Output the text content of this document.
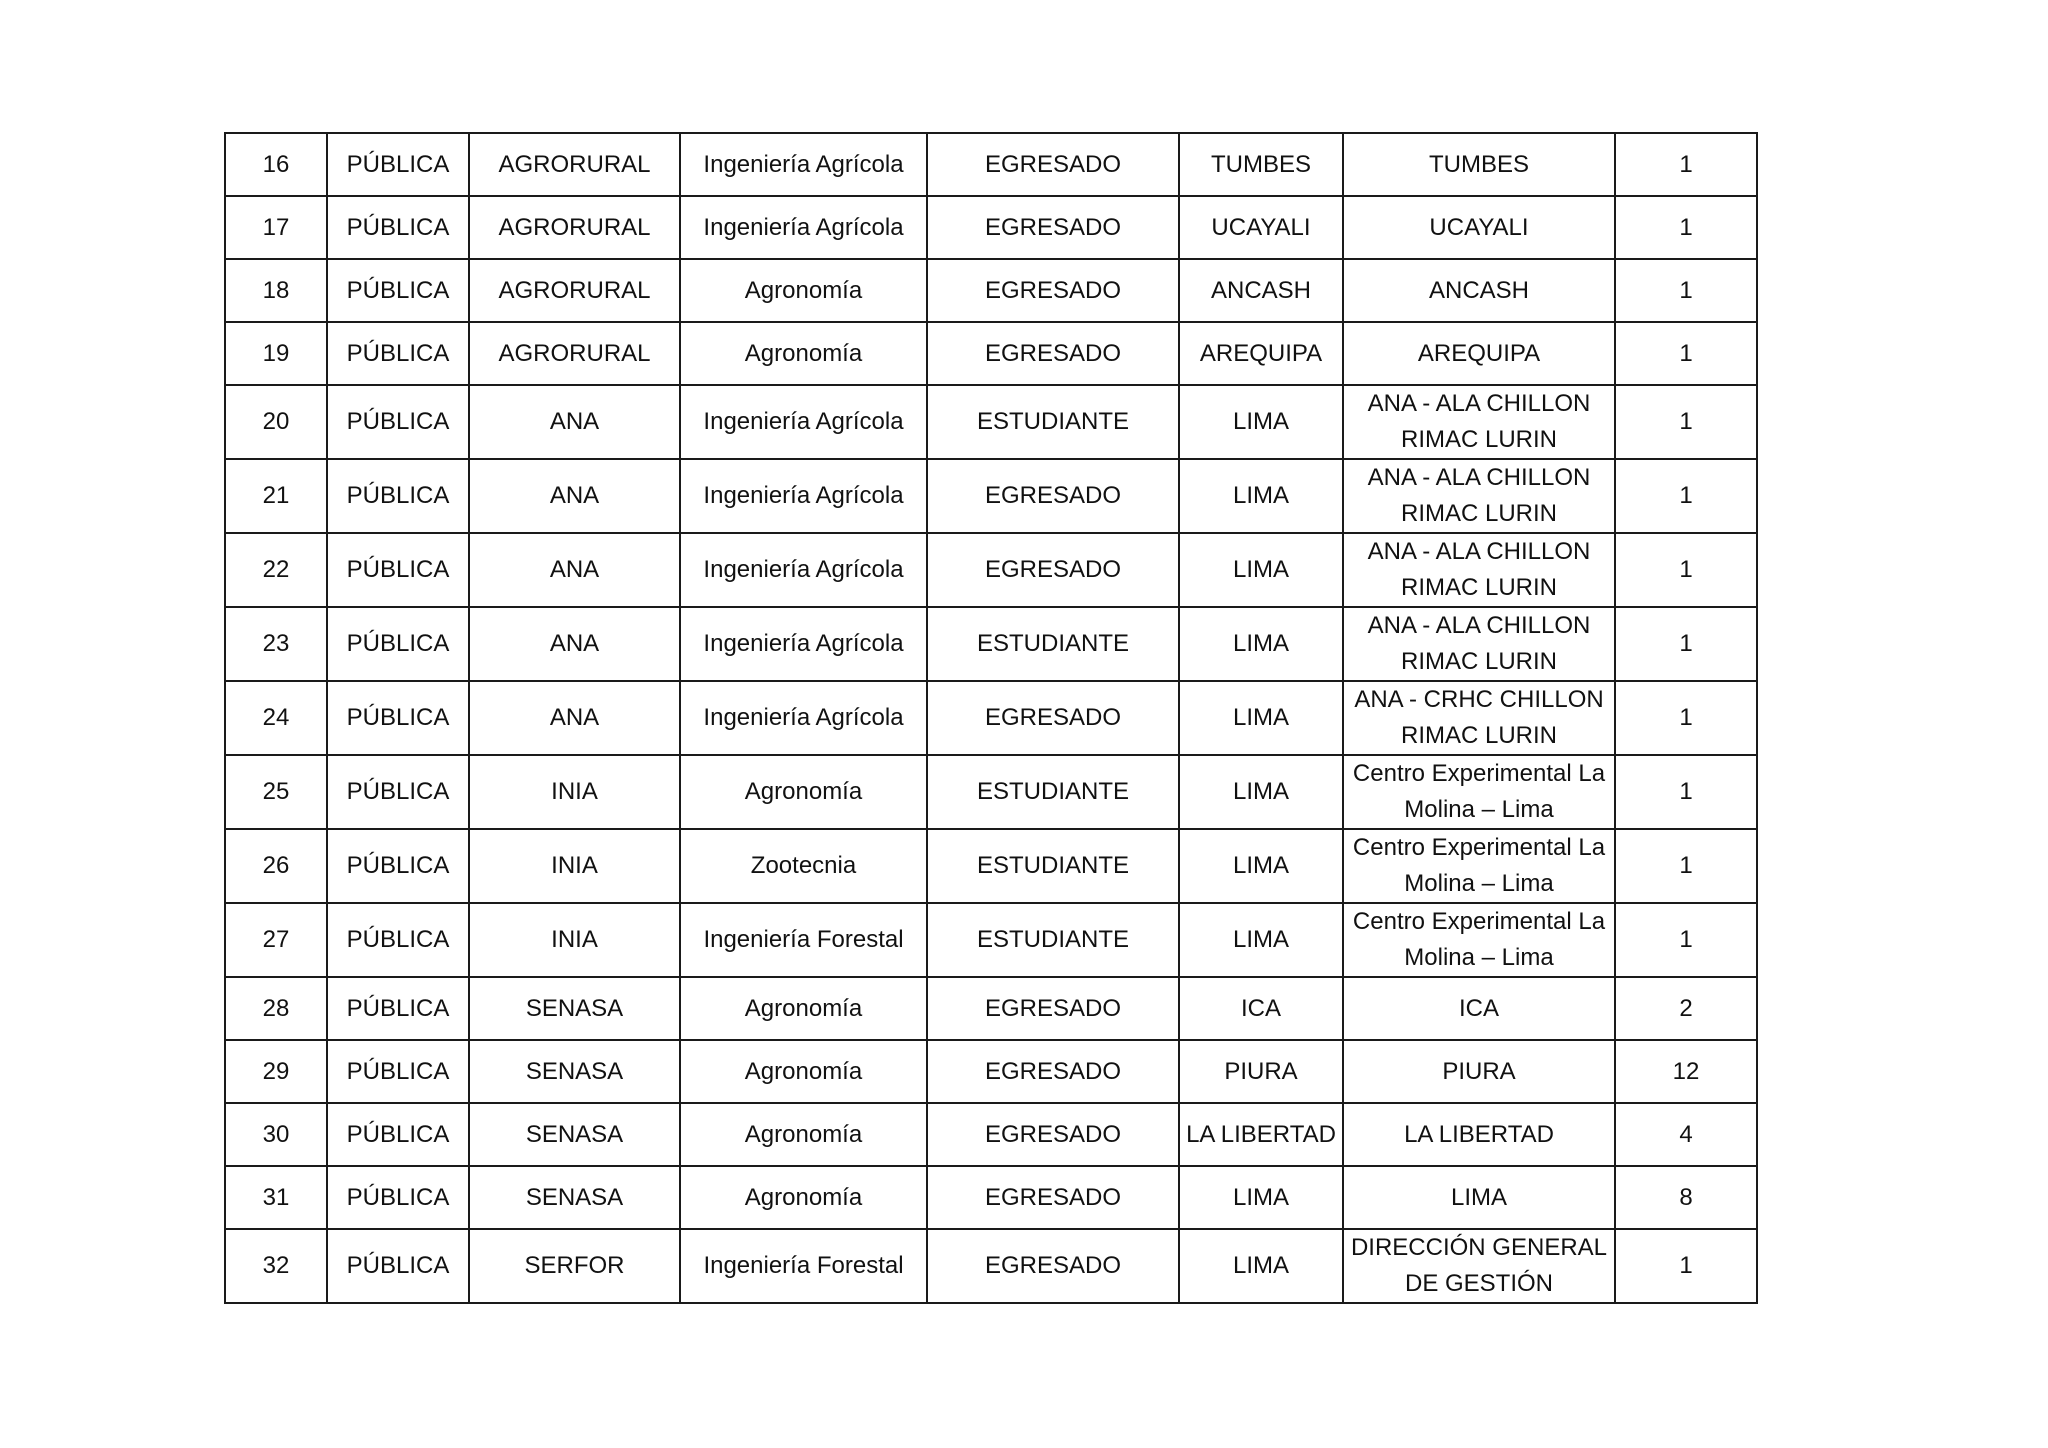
16	PÚBLICA	AGRORURAL	Ingeniería Agrícola	EGRESADO	TUMBES	TUMBES	1
17	PÚBLICA	AGRORURAL	Ingeniería Agrícola	EGRESADO	UCAYALI	UCAYALI	1
18	PÚBLICA	AGRORURAL	Agronomía	EGRESADO	ANCASH	ANCASH	1
19	PÚBLICA	AGRORURAL	Agronomía	EGRESADO	AREQUIPA	AREQUIPA	1
20	PÚBLICA	ANA	Ingeniería Agrícola	ESTUDIANTE	LIMA	ANA - ALA CHILLON RIMAC LURIN	1
21	PÚBLICA	ANA	Ingeniería Agrícola	EGRESADO	LIMA	ANA - ALA CHILLON RIMAC LURIN	1
22	PÚBLICA	ANA	Ingeniería Agrícola	EGRESADO	LIMA	ANA - ALA CHILLON RIMAC LURIN	1
23	PÚBLICA	ANA	Ingeniería Agrícola	ESTUDIANTE	LIMA	ANA - ALA CHILLON RIMAC LURIN	1
24	PÚBLICA	ANA	Ingeniería Agrícola	EGRESADO	LIMA	ANA - CRHC CHILLON RIMAC LURIN	1
25	PÚBLICA	INIA	Agronomía	ESTUDIANTE	LIMA	Centro Experimental La Molina – Lima	1
26	PÚBLICA	INIA	Zootecnia	ESTUDIANTE	LIMA	Centro Experimental La Molina – Lima	1
27	PÚBLICA	INIA	Ingeniería Forestal	ESTUDIANTE	LIMA	Centro Experimental La Molina – Lima	1
28	PÚBLICA	SENASA	Agronomía	EGRESADO	ICA	ICA	2
29	PÚBLICA	SENASA	Agronomía	EGRESADO	PIURA	PIURA	12
30	PÚBLICA	SENASA	Agronomía	EGRESADO	LA LIBERTAD	LA LIBERTAD	4
31	PÚBLICA	SENASA	Agronomía	EGRESADO	LIMA	LIMA	8
32	PÚBLICA	SERFOR	Ingeniería Forestal	EGRESADO	LIMA	DIRECCIÓN GENERAL DE GESTIÓN	1
